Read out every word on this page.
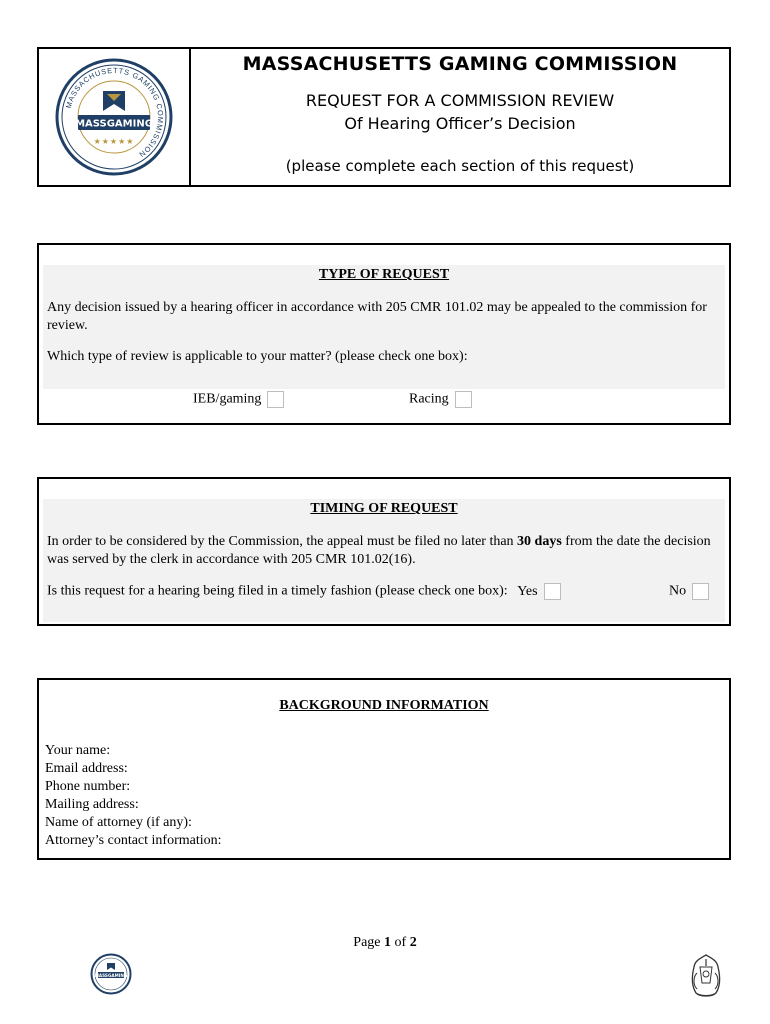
MASSACHUSETTS GAMING COMMISSION
MASSGAMING
★★★★★
MASSACHUSETTS GAMING COMMISSION
REQUEST FOR A COMMISSION REVIEW
Of Hearing Officer’s Decision
(please complete each section of this request)
TYPE OF REQUEST
Any decision issued by a hearing officer in accordance with 205 CMR 101.02 may be appealed to the commission for review.
Which type of review is applicable to your matter? (please check one box):
IEB/gaming	Racing
TIMING OF REQUEST
In order to be considered by the Commission, the appeal must be filed no later than 30 days from the date the decision was served by the clerk in accordance with 205 CMR 101.02(16).
Is this request for a hearing being filed in a timely fashion (please check one box): Yes	No
BACKGROUND INFORMATION
Your name:
Email address:
Phone number:
Mailing address:
Name of attorney (if any):
Attorney’s contact information:
Page 1 of 2
MASSGAMING
